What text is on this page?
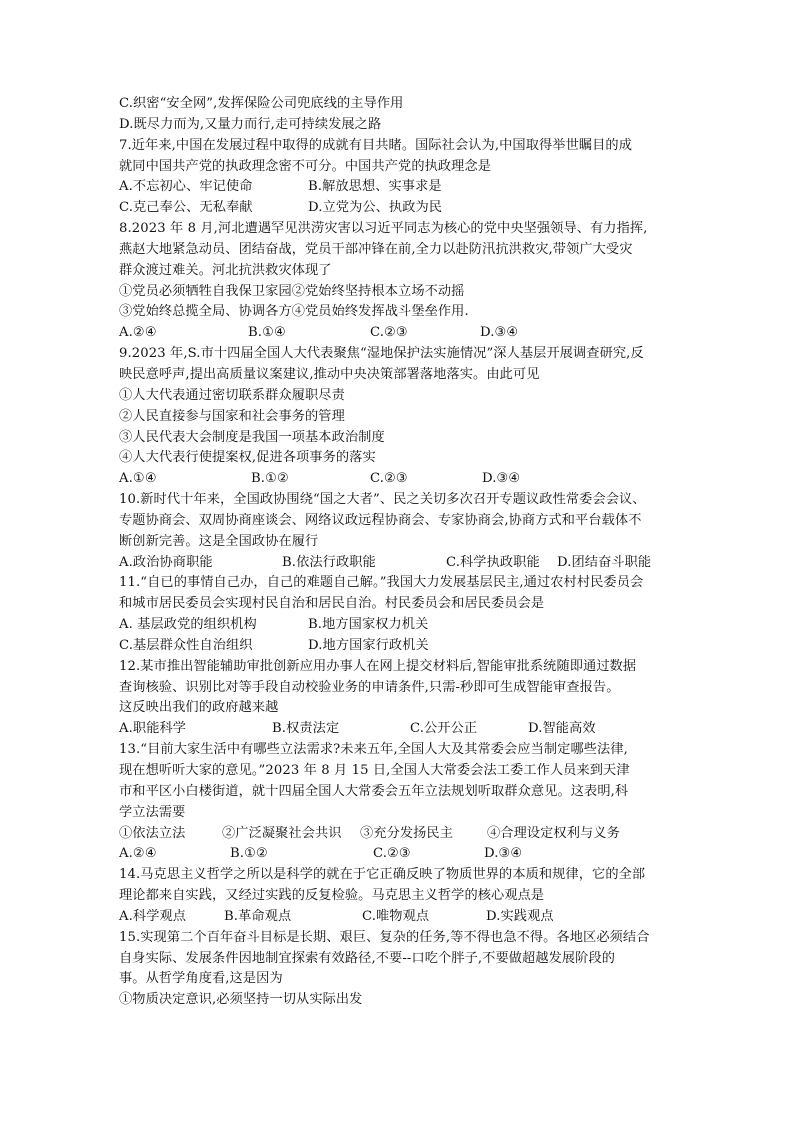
C.织密“安全网”,发挥保险公司兜底线的主导作用
D.既尽力而为,又量力而行,走可持续发展之路
7.近年来,中国在发展过程中取得的成就有目共睹。国际社会认为,中国取得举世瞩目的成
就同中国共产党的执政理念密不可分。中国共产党的执政理念是
A.不忘初心、牢记使命	B.解放思想、实事求是
C.克己奉公、无私奉献	D.立党为公、执政为民
8.2023 年 8 月,河北遭遇罕见洪涝灾害以习近平同志为核心的党中央坚强领导、有力指挥,
燕赵大地紧急动员、团结奋战，党员干部冲锋在前,全力以赴防汛抗洪救灾,带领广大受灾
群众渡过难关。河北抗洪救灾体现了
①党员必须牺牲自我保卫家园②党始终坚持根本立场不动摇
③党始终总揽全局、协调各方④党员始终发挥战斗堡垒作用.
A.②④	B.①④	C.②③	D.③④
9.2023 年,S.市十四届全国人大代表聚焦“湿地保护法实施情况”深人基层开展调查研究,反
映民意呼声,提出高质量议案建议,推动中央决策部署落地落实。由此可见
①人大代表通过密切联系群众履职尽责
②人民直接参与国家和社会事务的管理
③人民代表大会制度是我国一项基本政治制度
④人大代表行使提案权,促进各项事务的落实
A.①④	B.①②	C.②③	D.③④
10.新时代十年来，全国政协围绕“国之大者”、民之关切多次召开专题议政性常委会会议、
专题协商会、双周协商座谈会、网络议政远程协商会、专家协商会,协商方式和平台载体不
断创新完善。这是全国政协在履行
A.政治协商职能	B.依法行政职能	C.科学执政职能	D.团结奋斗职能
11.“自已的事情自己办，自己的难题自己解。”我国大力发展基层民主,通过农村村民委员会
和城市居民委员会实现村民自治和居民自治。村民委员会和居民委员会是
A. 基层政党的组织机构	B.地方国家权力机关
C.基层群众性自治组织	D.地方国家行政机关
12.某市推出智能辅助审批创新应用办事人在网上提交材料后,智能审批系统随即通过数据
查询核验、识别比对等手段自动校验业务的申请条件,只需-秒即可生成智能审查报告。
这反映出我们的政府越来越
A.职能科学	B.权责法定	C.公开公正	D.智能高效
13.“目前大家生活中有哪些立法需求?未来五年,全国人大及其常委会应当制定哪些法律,
现在想听听大家的意见。”2023 年 8 月 15 日,全国人大常委会法工委工作人员来到天津
市和平区小白楼街道，就十四届全国人大常委会五年立法规划听取群众意见。这表明,科
学立法需要
①依法立法	②广泛凝聚社会共识	③充分发扬民主	④合理设定权利与义务
A.②④	B.①②	C.②③	D.③④
14.马克思主义哲学之所以是科学的就在于它正确反映了物质世界的本质和规律，它的全部
理论都来自实践，又经过实践的反复检验。马克思主义哲学的核心观点是
A.科学观点	B.革命观点	C.唯物观点	D.实践观点
15.实现第二个百年奋斗目标是长期、艰巨、复杂的任务,等不得也急不得。各地区必须结合
自身实际、发展条件因地制宜探索有效路径,不要--口吃个胖子,不要做超越发展阶段的
事。从哲学角度看,这是因为
①物质决定意识,必须坚持一切从实际出发
